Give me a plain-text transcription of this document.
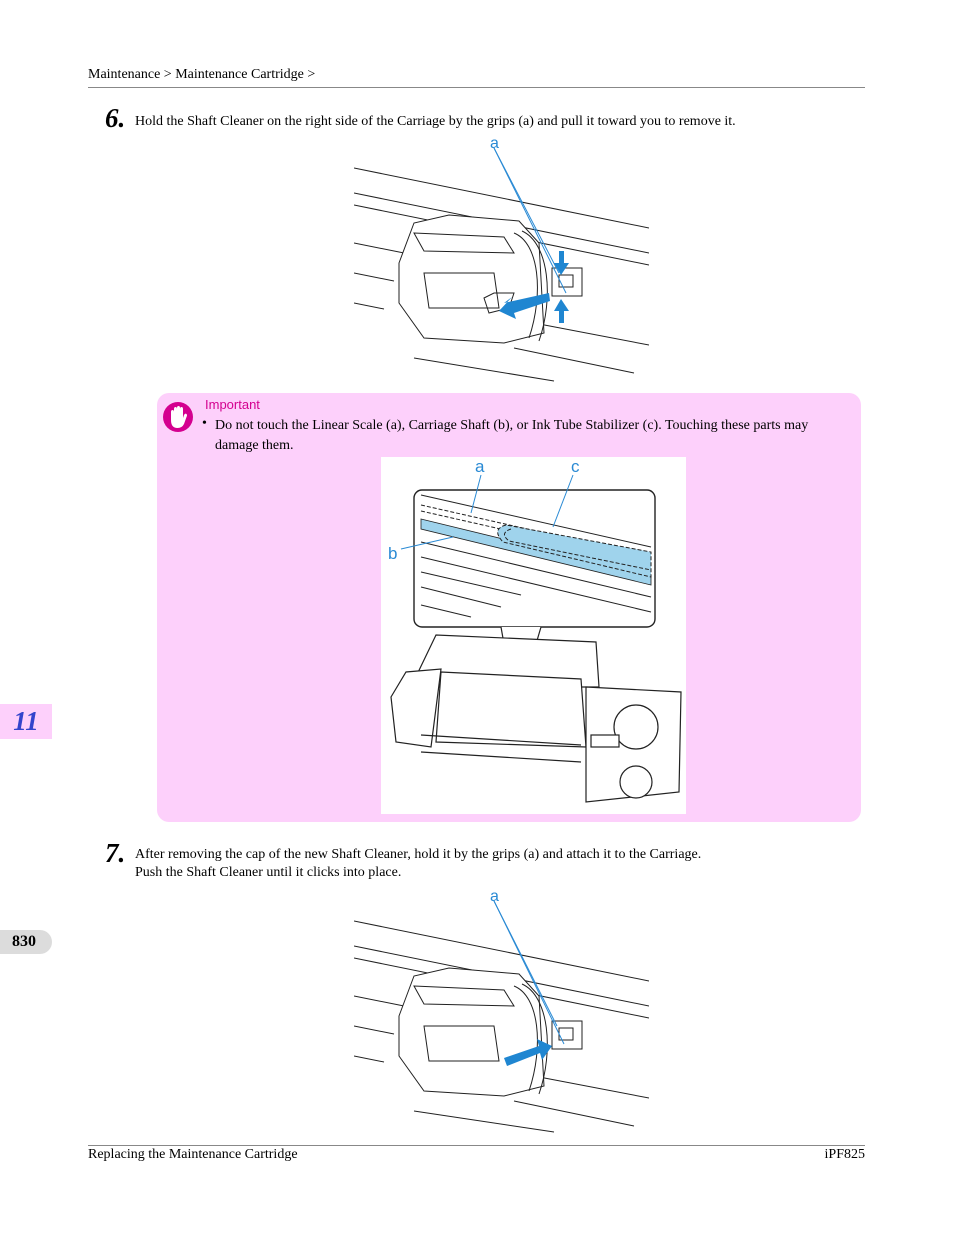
Maintenance > Maintenance Cartridge >
6. Hold the Shaft Cleaner on the right side of the Carriage by the grips (a) and pull it toward you to remove it.
a
Important
• Do not touch the Linear Scale (a), Carriage Shaft (b), or Ink Tube Stabilizer (c). Touching these parts may damage them.
a	c
b
11
830
7. After removing the cap of the new Shaft Cleaner, hold it by the grips (a) and attach it to the Carriage.
Push the Shaft Cleaner until it clicks into place.
a
Replacing the Maintenance Cartridge	iPF825
